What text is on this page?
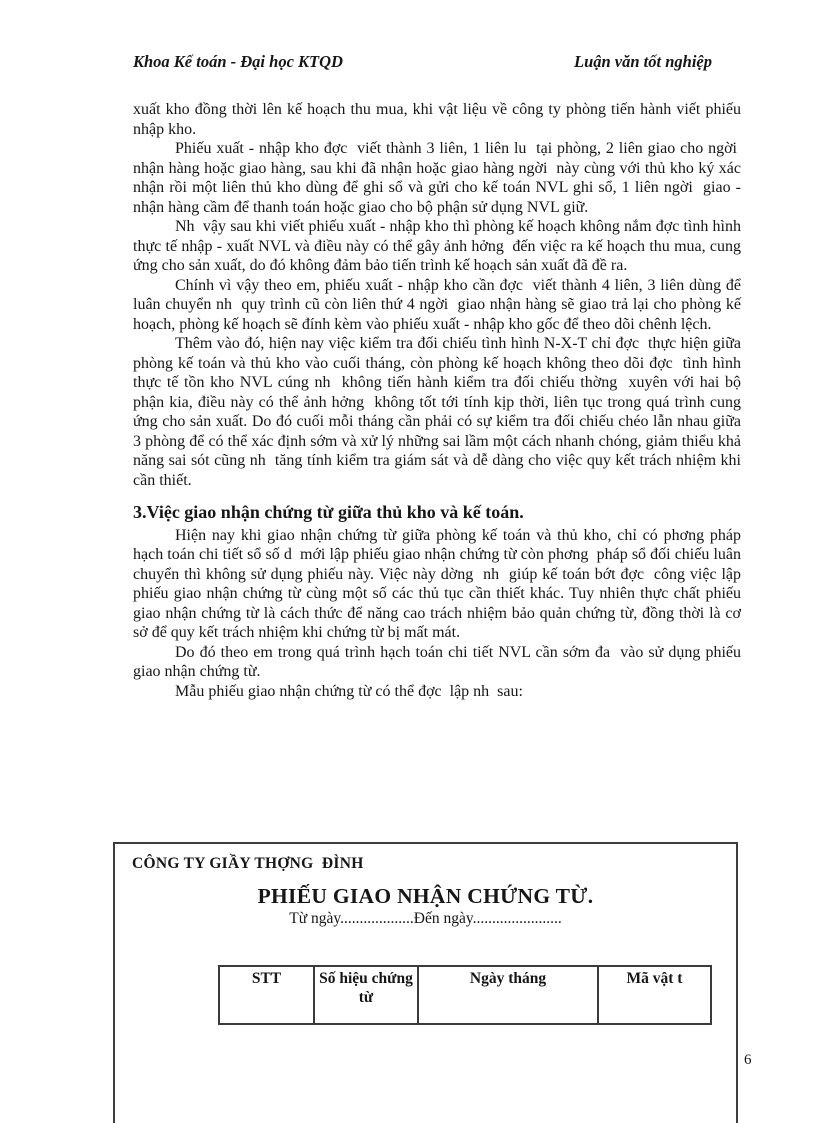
Khoa Kế toán - Đại học KTQD	Luận văn tốt nghiệp

xuất kho đồng thời lên kế hoạch thu mua, khi vật liệu về công ty phòng tiến hành viết phiếu nhập kho.

Phiếu xuất - nhập kho đợc  viết thành 3 liên, 1 liên lu  tại phòng, 2 liên giao cho ngời  nhận hàng hoặc giao hàng, sau khi đã nhận hoặc giao hàng ngời  này cùng với thủ kho ký xác nhận rồi một liên thủ kho dùng để ghi sổ và gửi cho kế toán NVL ghi sổ, 1 liên ngời  giao - nhận hàng cầm để thanh toán hoặc giao cho bộ phận sử dụng NVL giữ.

Nh  vậy sau khi viết phiếu xuất - nhập kho thì phòng kế hoạch không nắm đợc tình hình thực tế nhập - xuất NVL và điều này có thể gây ảnh hởng  đến việc ra kế hoạch thu mua, cung ứng cho sản xuất, do đó không đảm bảo tiến trình kế hoạch sản xuất đã đề ra.

Chính vì vậy theo em, phiếu xuất - nhập kho cần đợc  viết thành 4 liên, 3 liên dùng để luân chuyển nh  quy trình cũ còn liên thứ 4 ngời  giao nhận hàng sẽ giao trả lại cho phòng kế hoạch, phòng kế hoạch sẽ đính kèm vào phiếu xuất - nhập kho gốc để theo dõi chênh lệch.

Thêm vào đó, hiện nay việc kiểm tra đối chiếu tình hình N-X-T chỉ đợc  thực hiện giữa phòng kế toán và thủ kho vào cuối tháng, còn phòng kế hoạch không theo dõi đợc  tình hình thực tế tồn kho NVL cúng nh  không tiến hành kiểm tra đối chiếu thờng  xuyên với hai bộ phận kia, điều này có thể ảnh hởng  không tốt tới tính kịp thời, liên tục trong quá trình cung ứng cho sản xuất. Do đó cuối mỗi tháng cần phải có sự kiểm tra đối chiếu chéo lẫn nhau giữa 3 phòng để có thể xác định sớm và xử lý những sai lầm một cách nhanh chóng, giảm thiểu khả năng sai sót cũng nh  tăng tính kiểm tra giám sát và dễ dàng cho việc quy kết trách nhiệm khi cần thiết.

3.Việc giao nhận chứng từ giữa thủ kho và kế toán.

Hiện nay khi giao nhận chứng từ giữa phòng kế toán và thủ kho, chỉ có phơng pháp hạch toán chi tiết sổ số d  mới lập phiếu giao nhận chứng từ còn phơng  pháp sổ đối chiếu luân chuyển thì không sử dụng phiếu này. Việc này dờng  nh  giúp kế toán bớt đợc  công việc lập phiếu giao nhận chứng từ cùng một số các thủ tục cần thiết khác. Tuy nhiên thực chất phiếu giao nhận chứng từ là cách thức để năng cao trách nhiệm bảo quản chứng từ, đồng thời là cơ sở để quy kết trách nhiệm khi chứng từ bị mất mát.

Do đó theo em trong quá trình hạch toán chi tiết NVL cần sớm đa  vào sử dụng phiếu giao nhận chứng từ.

Mẫu phiếu giao nhận chứng từ có thể đợc  lập nh  sau:

CÔNG TY GIẦY THỢNG  ĐÌNH
PHIẾU GIAO NHẬN CHỨNG TỪ.
Từ ngày...................Đến ngày.......................
STT	Số hiệu chứng từ	Ngày tháng	Mã vật t
6
